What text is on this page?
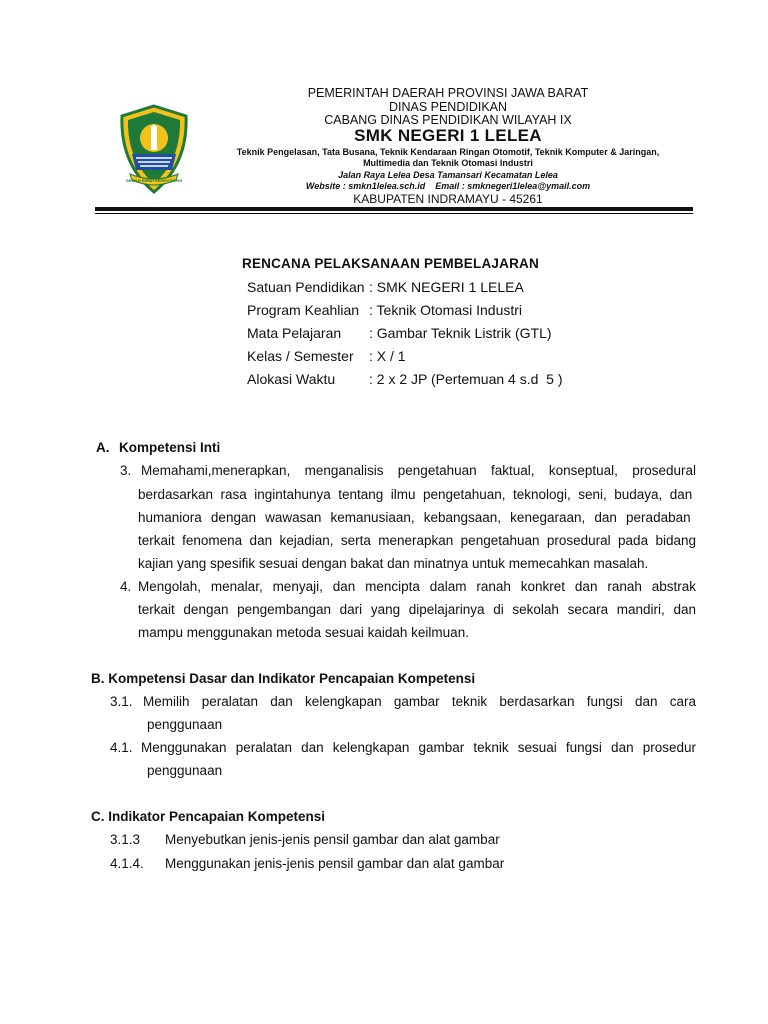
GEMAH RIPAH REPEH RAPIH
PEMERINTAH DAERAH PROVINSI JAWA BARAT
DINAS PENDIDIKAN
CABANG DINAS PENDIDIKAN WILAYAH IX
SMK NEGERI 1 LELEA
Teknik Pengelasan, Tata Busana, Teknik Kendaraan Ringan Otomotif, Teknik Komputer & Jaringan,
Multimedia dan Teknik Otomasi Industri
Jalan Raya Lelea Desa Tamansari Kecamatan Lelea
Website : smkn1lelea.sch.id    Email : smknegeri1lelea@ymail.com
KABUPATEN INDRAMAYU - 45261
RENCANA PELAKSANAAN PEMBELAJARAN
Satuan Pendidikan : SMK NEGERI 1 LELEA
Program Keahlian : Teknik Otomasi Industri
Mata Pelajaran : Gambar Teknik Listrik (GTL)
Kelas / Semester : X / 1
Alokasi Waktu : 2 x 2 JP (Pertemuan 4 s.d  5 )
A. Kompetensi Inti
3. Memahami,menerapkan, menganalisis pengetahuan faktual, konseptual, prosedural
berdasarkan rasa ingintahunya tentang ilmu pengetahuan, teknologi, seni, budaya, dan
humaniora dengan wawasan kemanusiaan, kebangsaan, kenegaraan, dan peradaban
terkait fenomena dan kejadian, serta menerapkan pengetahuan prosedural pada bidang
kajian yang spesifik sesuai dengan bakat dan minatnya untuk memecahkan masalah.
4. Mengolah, menalar, menyaji, dan mencipta dalam ranah konkret dan ranah abstrak
terkait dengan pengembangan dari yang dipelajarinya di sekolah secara mandiri, dan
mampu menggunakan metoda sesuai kaidah keilmuan.
B. Kompetensi Dasar dan Indikator Pencapaian Kompetensi
3.1. Memilih peralatan dan kelengkapan gambar teknik berdasarkan fungsi dan cara
penggunaan
4.1. Menggunakan peralatan dan kelengkapan gambar teknik sesuai fungsi dan prosedur
penggunaan
C. Indikator Pencapaian Kompetensi
3.1.3 Menyebutkan jenis-jenis pensil gambar dan alat gambar
4.1.4. Menggunakan jenis-jenis pensil gambar dan alat gambar
